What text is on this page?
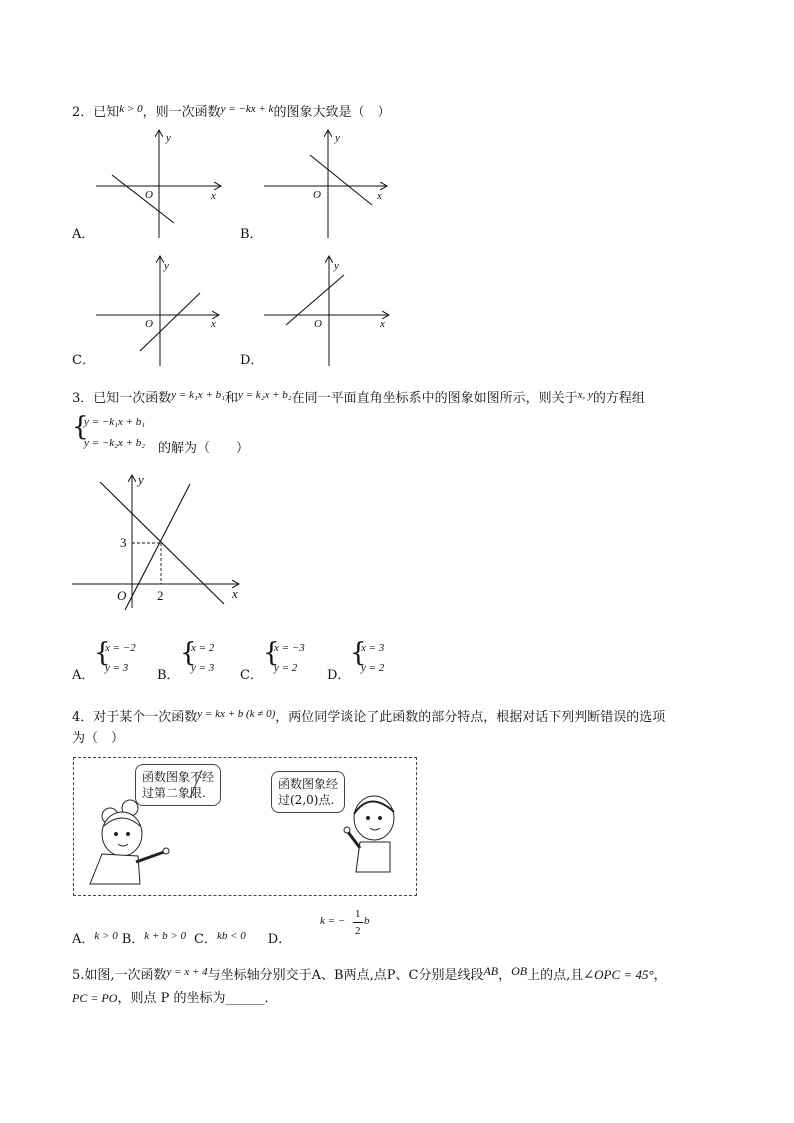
2．已知$^{k > 0}$，则一次函数$^{y = -kx + k}$的图象大致是（　）
y
x
O
A．
y
x
O
B．
y
x
O
C．
y
x
O
D．
3．已知一次函数$^{y = k_1x + b_1}$和$^{y = k_2x + b_2}$在同一平面直角坐标系中的图象如图所示，则关于$^{x, y}$的方程组
{
y = −k₁x + b₁
y = −k₂x + b₂ 的解为（　　）
y
x
O
3
2
A．
{
x = −2
y = 3 B．
{
x = 2
y = 3 C．
{
x = −3
y = 2 D．
{
x = 3
y = 2
4．对于某个一次函数$^{y = kx + b (k \ne 0)}$，两位同学谈论了此函数的部分特点，根据对话下列判断错误的选项
为（　）
函数图象不经
过第二象限.
函数图象经
过(2,0)点.
A．$^{k > 0}$ B．$^{k + b > 0}$ C．$^{kb < 0}$ D．
k = −
1
2
b
5.如图,一次函数$^{y = x + 4}$与坐标轴分别交于A、B两点,点P、C分别是线段AB，OB上的点,且∠OPC = 45°，
PC = PO，则点 P 的坐标为______．
